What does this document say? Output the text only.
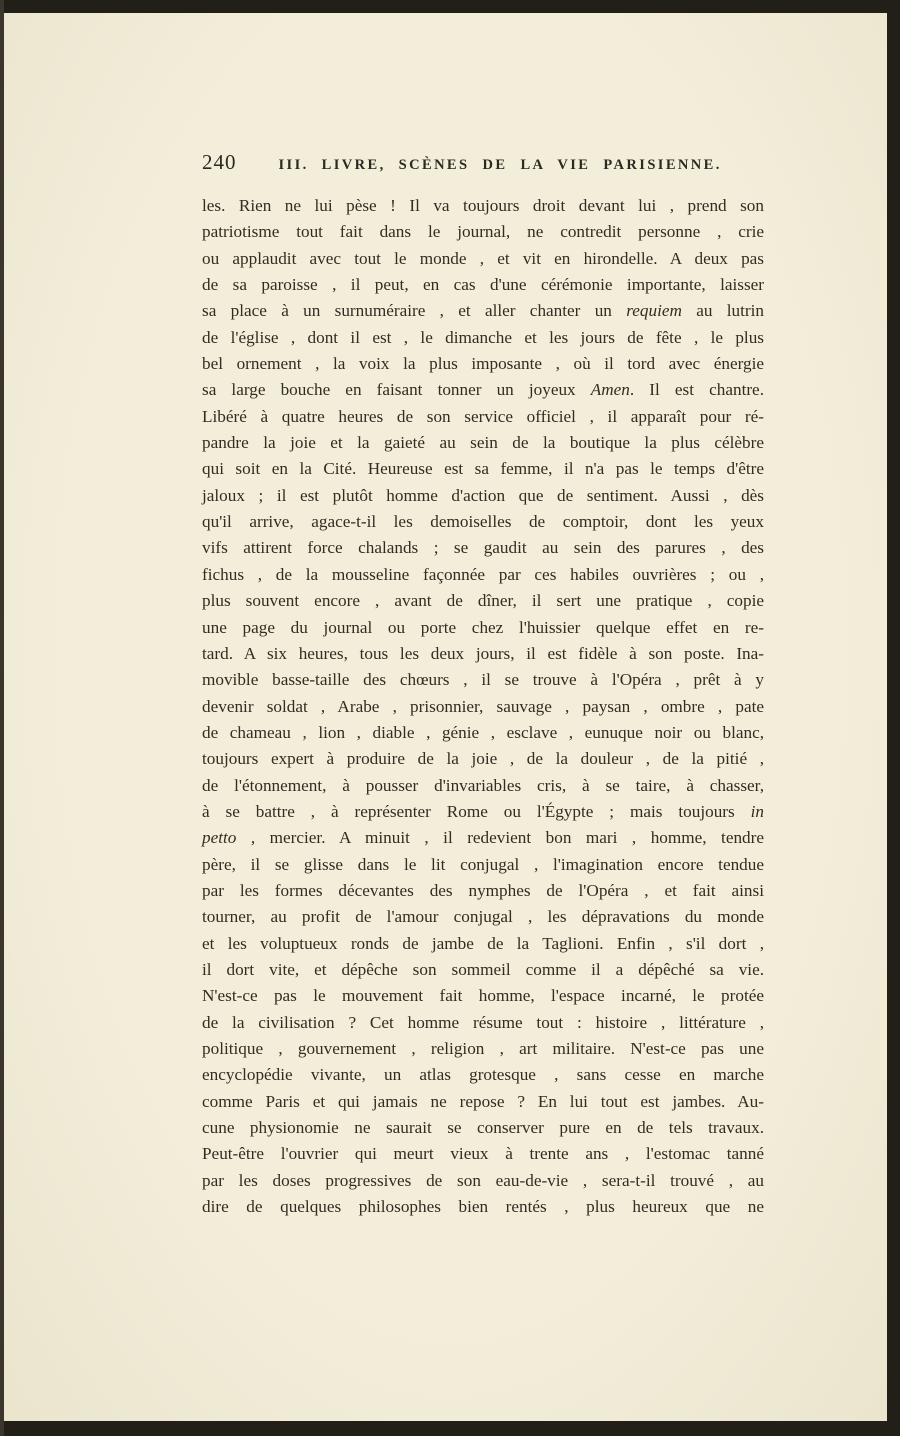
240	III. LIVRE, SCÈNES DE LA VIE PARISIENNE.
les. Rien ne lui pèse ! Il va toujours droit devant lui , prend son
patriotisme tout fait dans le journal, ne contredit personne , crie
ou applaudit avec tout le monde , et vit en hirondelle. A deux pas
de sa paroisse , il peut, en cas d'une cérémonie importante, laisser
sa place à un surnuméraire , et aller chanter un requiem au lutrin
de l'église , dont il est , le dimanche et les jours de fête , le plus
bel ornement , la voix la plus imposante , où il tord avec énergie
sa large bouche en faisant tonner un joyeux Amen. Il est chantre.
Libéré à quatre heures de son service officiel , il apparaît pour ré-
pandre la joie et la gaieté au sein de la boutique la plus célèbre
qui soit en la Cité. Heureuse est sa femme, il n'a pas le temps d'être
jaloux ; il est plutôt homme d'action que de sentiment. Aussi , dès
qu'il arrive, agace-t-il les demoiselles de comptoir, dont les yeux
vifs attirent force chalands ; se gaudit au sein des parures , des
fichus , de la mousseline façonnée par ces habiles ouvrières ; ou ,
plus souvent encore , avant de dîner, il sert une pratique , copie
une page du journal ou porte chez l'huissier quelque effet en re-
tard. A six heures, tous les deux jours, il est fidèle à son poste. Ina-
movible basse-taille des chœurs , il se trouve à l'Opéra , prêt à y
devenir soldat , Arabe , prisonnier, sauvage , paysan , ombre , pate
de chameau , lion , diable , génie , esclave , eunuque noir ou blanc,
toujours expert à produire de la joie , de la douleur , de la pitié ,
de l'étonnement, à pousser d'invariables cris, à se taire, à chasser,
à se battre , à représenter Rome ou l'Égypte ; mais toujours in
petto , mercier. A minuit , il redevient bon mari , homme, tendre
père, il se glisse dans le lit conjugal , l'imagination encore tendue
par les formes décevantes des nymphes de l'Opéra , et fait ainsi
tourner, au profit de l'amour conjugal , les dépravations du monde
et les voluptueux ronds de jambe de la Taglioni. Enfin , s'il dort ,
il dort vite, et dépêche son sommeil comme il a dépêché sa vie.
N'est-ce pas le mouvement fait homme, l'espace incarné, le protée
de la civilisation ? Cet homme résume tout : histoire , littérature ,
politique , gouvernement , religion , art militaire. N'est-ce pas une
encyclopédie vivante, un atlas grotesque , sans cesse en marche
comme Paris et qui jamais ne repose ? En lui tout est jambes. Au-
cune physionomie ne saurait se conserver pure en de tels travaux.
Peut-être l'ouvrier qui meurt vieux à trente ans , l'estomac tanné
par les doses progressives de son eau-de-vie , sera-t-il trouvé , au
dire de quelques philosophes bien rentés , plus heureux que ne
